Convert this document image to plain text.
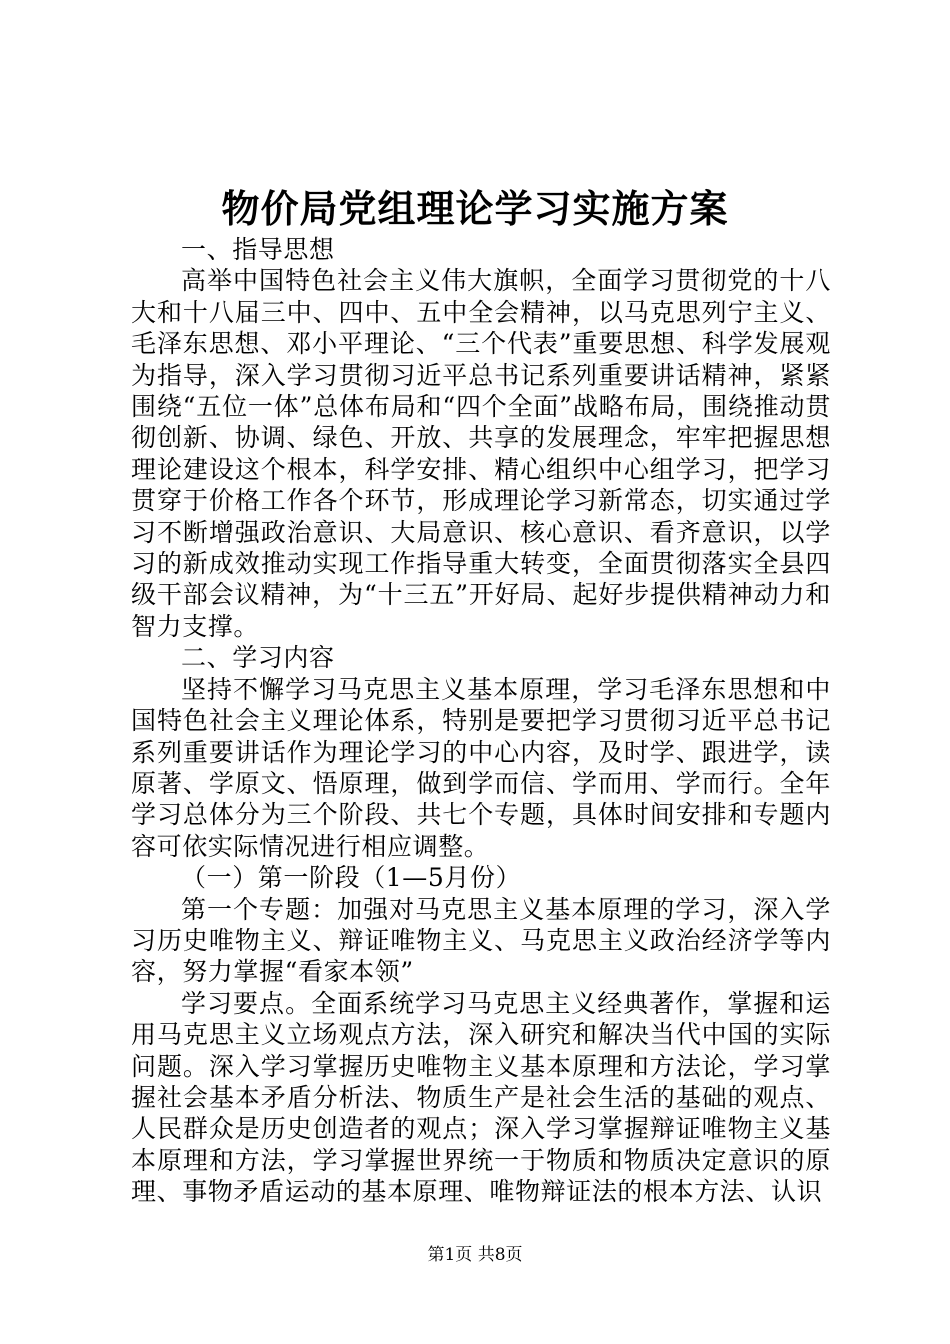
物价局党组理论学习实施方案

一、指导思想

高举中国特色社会主义伟大旗帜，全面学习贯彻党的十八大和十八届三中、四中、五中全会精神，以马克思列宁主义、毛泽东思想、邓小平理论、“三个代表”重要思想、科学发展观为指导，深入学习贯彻习近平总书记系列重要讲话精神，紧紧围绕“五位一体”总体布局和“四个全面”战略布局，围绕推动贯彻创新、协调、绿色、开放、共享的发展理念，牢牢把握思想理论建设这个根本，科学安排、精心组织中心组学习，把学习贯穿于价格工作各个环节，形成理论学习新常态，切实通过学习不断增强政治意识、大局意识、核心意识、看齐意识，以学习的新成效推动实现工作指导重大转变，全面贯彻落实全县四级干部会议精神，为“十三五”开好局、起好步提供精神动力和智力支撑。

二、学习内容

坚持不懈学习马克思主义基本原理，学习毛泽东思想和中国特色社会主义理论体系，特别是要把学习贯彻习近平总书记系列重要讲话作为理论学习的中心内容，及时学、跟进学，读原著、学原文、悟原理，做到学而信、学而用、学而行。全年学习总体分为三个阶段、共七个专题，具体时间安排和专题内容可依实际情况进行相应调整。

（一）第一阶段（1—5月份）

第一个专题：加强对马克思主义基本原理的学习，深入学习历史唯物主义、辩证唯物主义、马克思主义政治经济学等内容，努力掌握“看家本领”

学习要点。全面系统学习马克思主义经典著作，掌握和运用马克思主义立场观点方法，深入研究和解决当代中国的实际问题。深入学习掌握历史唯物主义基本原理和方法论，学习掌握社会基本矛盾分析法、物质生产是社会生活的基础的观点、人民群众是历史创造者的观点；深入学习掌握辩证唯物主义基本原理和方法，学习掌握世界统一于物质和物质决定意识的原理、事物矛盾运动的基本原理、唯物辩证法的根本方法、认识

第1页 共8页
